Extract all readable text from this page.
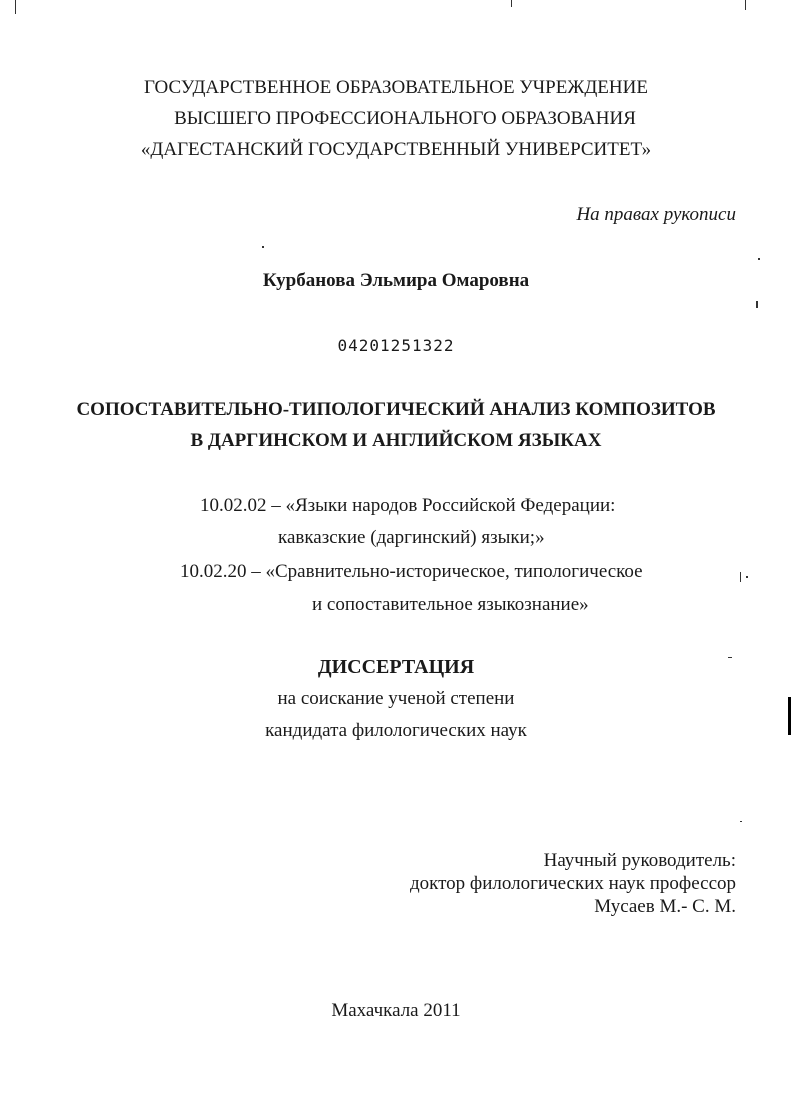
ГОСУДАРСТВЕННОЕ ОБРАЗОВАТЕЛЬНОЕ УЧРЕЖДЕНИЕ
ВЫСШЕГО ПРОФЕССИОНАЛЬНОГО ОБРАЗОВАНИЯ
«ДАГЕСТАНСКИЙ ГОСУДАРСТВЕННЫЙ УНИВЕРСИТЕТ»
На правах рукописи
Курбанова Эльмира Омаровна
04201251322
СОПОСТАВИТЕЛЬНО-ТИПОЛОГИЧЕСКИЙ АНАЛИЗ КОМПОЗИТОВ
В ДАРГИНСКОМ И АНГЛИЙСКОМ ЯЗЫКАХ
10.02.02 – «Языки народов Российской Федерации:
кавказские (даргинский) языки;»
10.02.20 – «Сравнительно-историческое, типологическое
и сопоставительное языкознание»
ДИССЕРТАЦИЯ
на соискание ученой степени
кандидата филологических наук
Научный руководитель:
доктор филологических наук профессор
Мусаев М.- С. М.
Махачкала 2011
